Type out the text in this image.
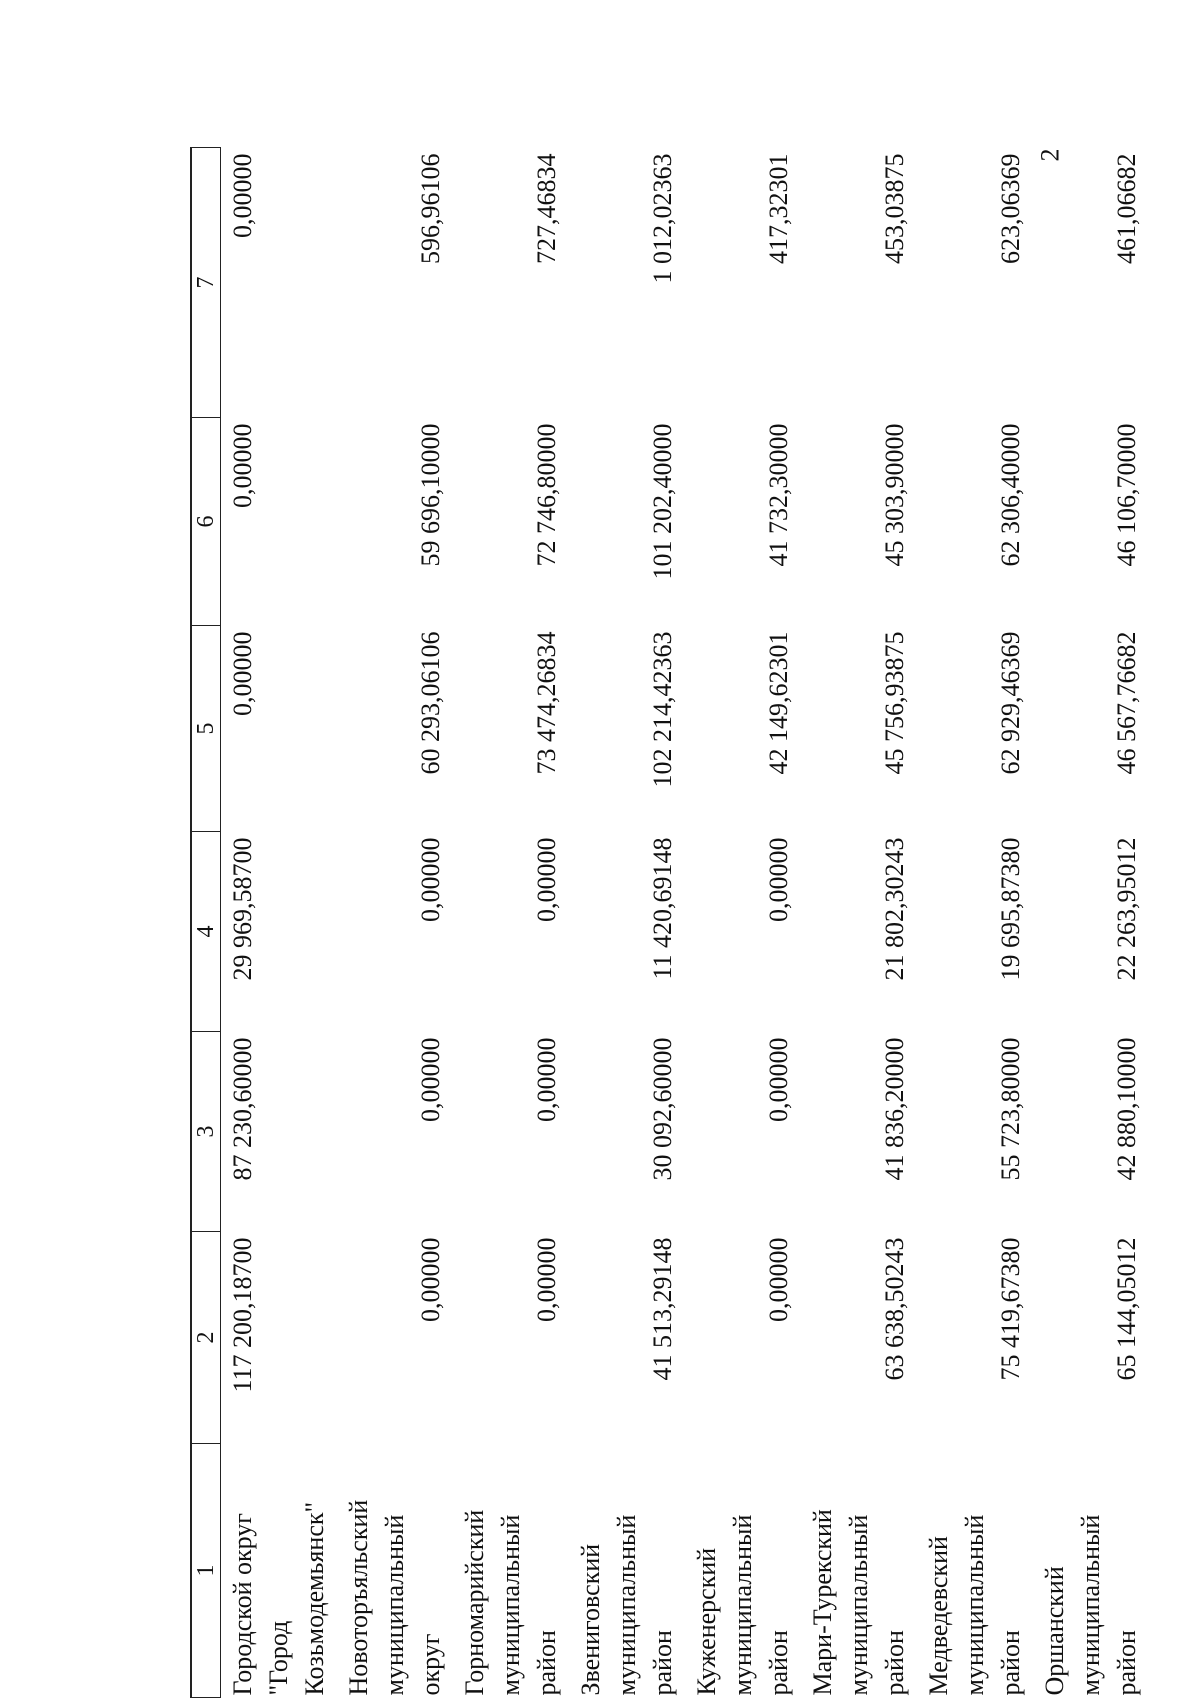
2
1	2	3	4	5	6	7
Городской округ "Город Козьмодемьянск"	117 200,18700	87 230,60000	29 969,58700	0,00000	0,00000	0,00000
Новоторъяльский муниципальный округ	0,00000	0,00000	0,00000	60 293,06106	59 696,10000	596,96106
Горномарийский муниципальный район	0,00000	0,00000	0,00000	73 474,26834	72 746,80000	727,46834
Звениговский муниципальный район	41 513,29148	30 092,60000	11 420,69148	102 214,42363	101 202,40000	1 012,02363
Куженерский муниципальный район	0,00000	0,00000	0,00000	42 149,62301	41 732,30000	417,32301
Мари-Турекский муниципальный район	63 638,50243	41 836,20000	21 802,30243	45 756,93875	45 303,90000	453,03875
Медведевский муниципальный район	75 419,67380	55 723,80000	19 695,87380	62 929,46369	62 306,40000	623,06369
Оршанский муниципальный район	65 144,05012	42 880,10000	22 263,95012	46 567,76682	46 106,70000	461,06682
